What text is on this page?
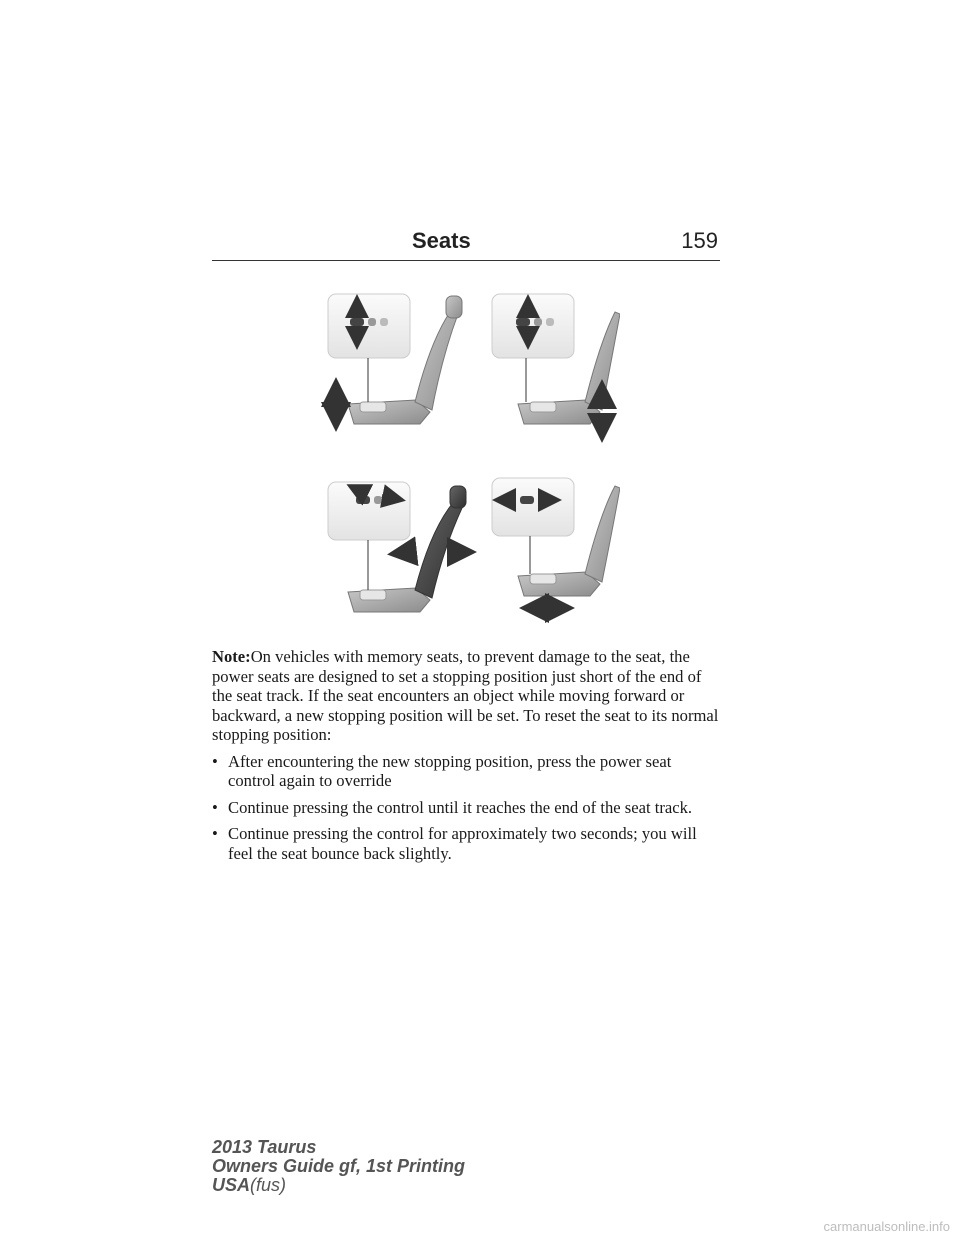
Seats	159

Note:On vehicles with memory seats, to prevent damage to the seat, the power seats are designed to set a stopping position just short of the end of the seat track. If the seat encounters an object while moving forward or backward, a new stopping position will be set. To reset the seat to its normal stopping position:

• After encountering the new stopping position, press the power seat control again to override
• Continue pressing the control until it reaches the end of the seat track.
• Continue pressing the control for approximately two seconds; you will feel the seat bounce back slightly.
2013 Taurus
Owners Guide gf, 1st Printing
USA(fus)
carmanualsonline.info
